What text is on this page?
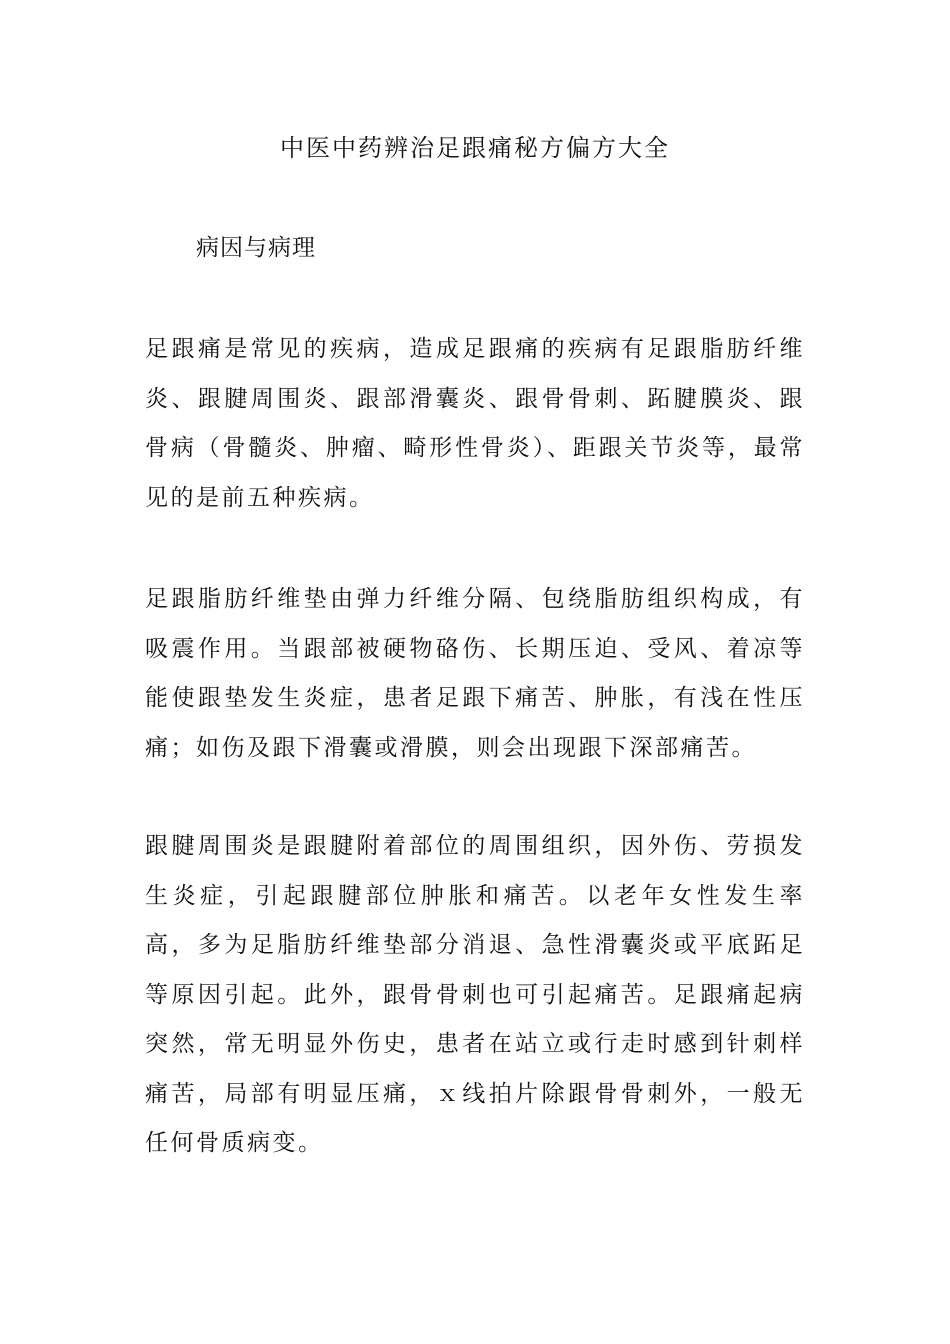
中医中药辨治足跟痛秘方偏方大全
病因与病理

足跟痛是常见的疾病，造成足跟痛的疾病有足跟脂肪纤维炎、跟腱周围炎、跟部滑囊炎、跟骨骨刺、跖腱膜炎、跟骨病（骨髓炎、肿瘤、畸形性骨炎）、距跟关节炎等，最常见的是前五种疾病。

足跟脂肪纤维垫由弹力纤维分隔、包绕脂肪组织构成，有吸震作用。当跟部被硬物硌伤、长期压迫、受风、着凉等能使跟垫发生炎症，患者足跟下痛苦、肿胀，有浅在性压痛；如伤及跟下滑囊或滑膜，则会出现跟下深部痛苦。

跟腱周围炎是跟腱附着部位的周围组织，因外伤、劳损发生炎症，引起跟腱部位肿胀和痛苦。以老年女性发生率高，多为足脂肪纤维垫部分消退、急性滑囊炎或平底跖足等原因引起。此外，跟骨骨刺也可引起痛苦。足跟痛起病突然，常无明显外伤史，患者在站立或行走时感到针刺样痛苦，局部有明显压痛，ｘ线拍片除跟骨骨刺外，一般无任何骨质病变。
